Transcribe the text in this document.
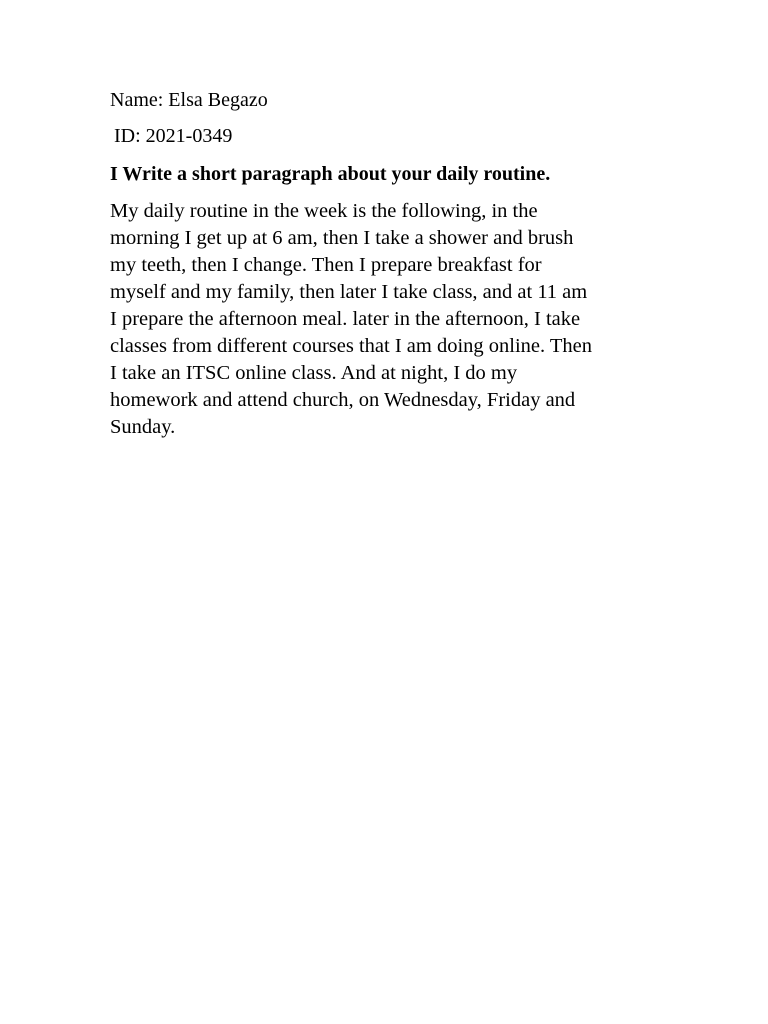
Name: Elsa Begazo
ID: 2021-0349
I Write a short paragraph about your daily routine.
My daily routine in the week is the following, in the
morning I get up at 6 am, then I take a shower and brush
my teeth, then I change. Then I prepare breakfast for
myself and my family, then later I take class, and at 11 am
I prepare the afternoon meal. later in the afternoon, I take
classes from different courses that I am doing online. Then
I take an ITSC online class. And at night, I do my
homework and attend church, on Wednesday, Friday and
Sunday.
